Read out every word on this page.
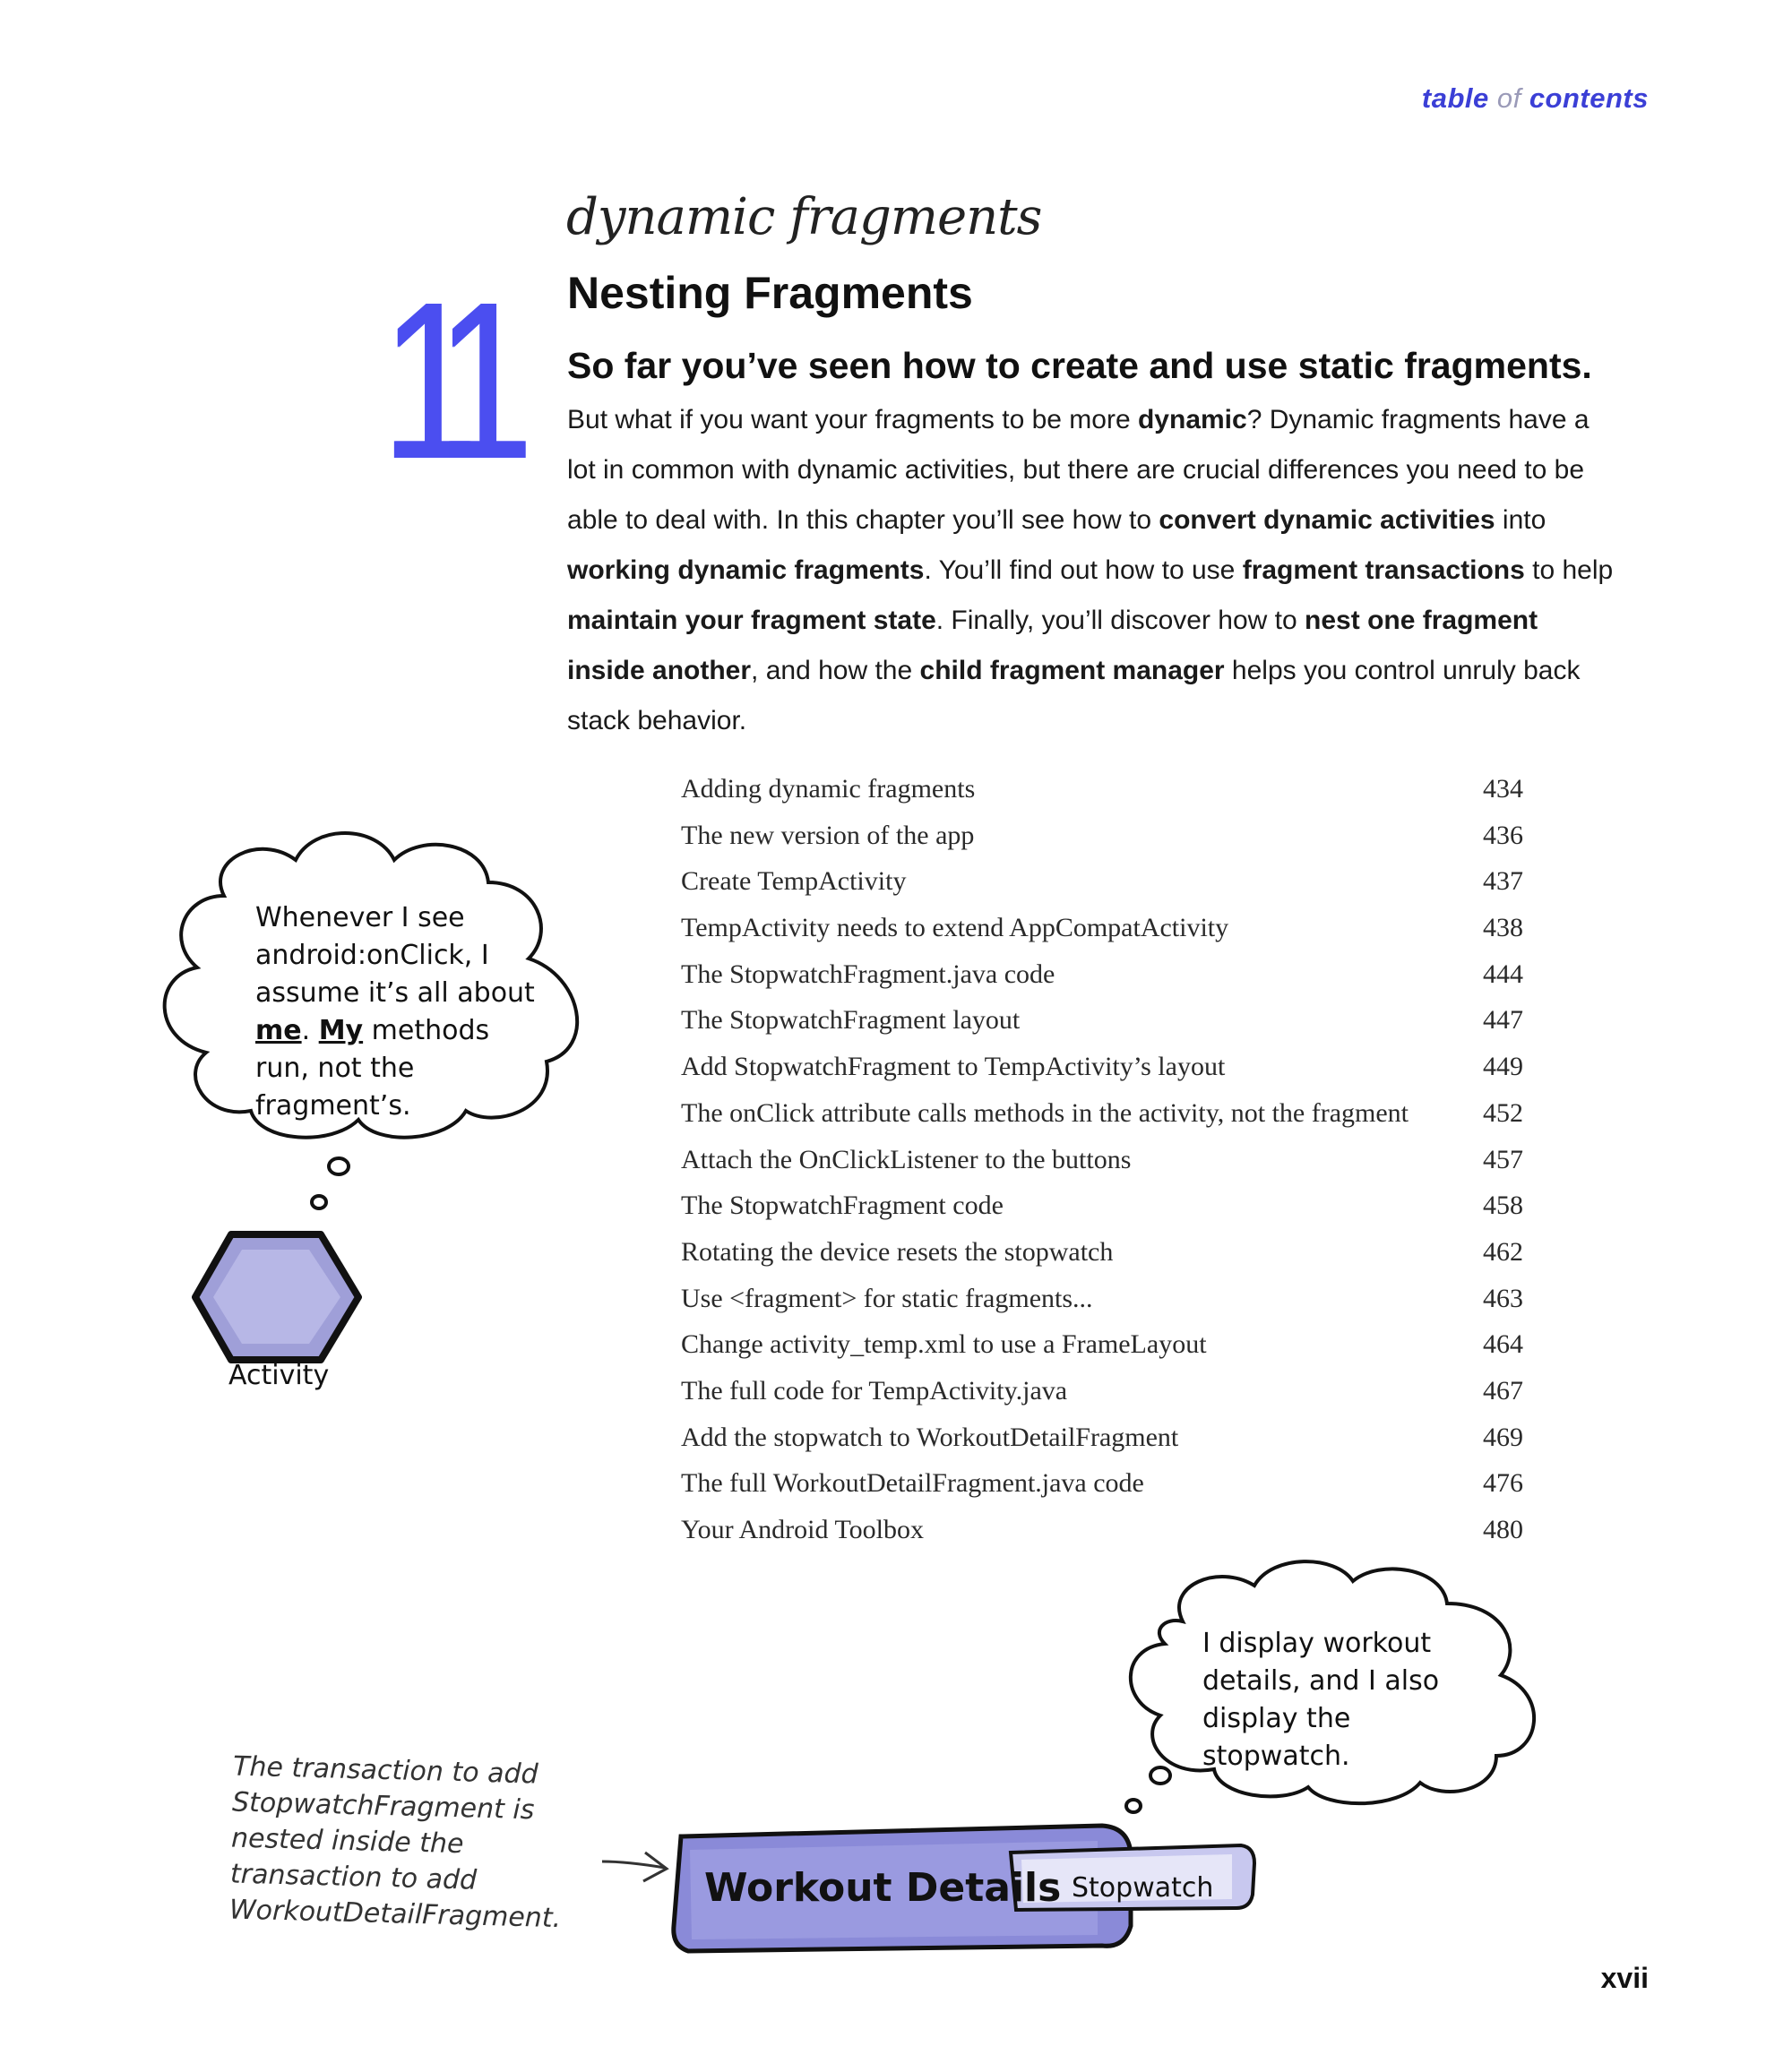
table of contents
11
dynamic fragments
Nesting Fragments
So far you’ve seen how to create and use static fragments. But what if you want your fragments to be more dynamic? Dynamic fragments have a lot in common with dynamic activities, but there are crucial differences you need to be able to deal with. In this chapter you’ll see how to convert dynamic activities into working dynamic fragments. You’ll find out how to use fragment transactions to help maintain your fragment state. Finally, you’ll discover how to nest one fragment inside another, and how the child fragment manager helps you control unruly back stack behavior.
Adding dynamic fragments	434
The new version of the app	436
Create TempActivity	437
TempActivity needs to extend AppCompatActivity	438
The StopwatchFragment.java code	444
The StopwatchFragment layout	447
Add StopwatchFragment to TempActivity’s layout	449
The onClick attribute calls methods in the activity, not the fragment	452
Attach the OnClickListener to the buttons	457
The StopwatchFragment code	458
Rotating the device resets the stopwatch	462
Use <fragment> for static fragments...	463
Change activity_temp.xml to use a FrameLayout	464
The full code for TempActivity.java	467
Add the stopwatch to WorkoutDetailFragment	469
The full WorkoutDetailFragment.java code	476
Your Android Toolbox	480
Whenever I see android:onClick, I assume it’s all about me. My methods run, not the fragment’s.
Activity
I display workout details, and I also display the stopwatch.
The transaction to add StopwatchFragment is nested inside the transaction to add WorkoutDetailFragment.
Workout Details Stopwatch
xvii
